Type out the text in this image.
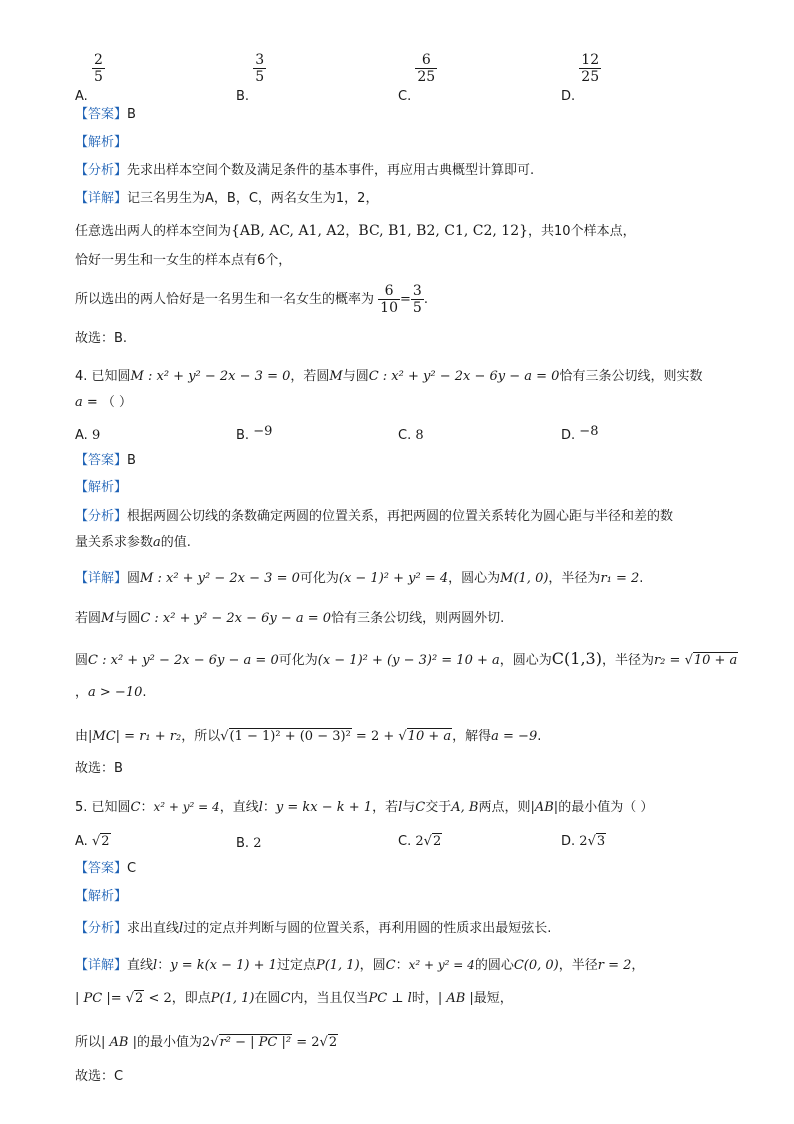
A.
$\frac{2}{5}$
B.
$\frac{3}{5}$
C.
$\frac{6}{25}$
D.
$\frac{12}{25}$
【答案】B
【解析】
【分析】先求出样本空间个数及满足条件的基本事件，再应用古典概型计算即可.
【详解】记三名男生为A，B，C，两名女生为1，2，
任意选出两人的样本空间为{AB, AC, A1, A2，BC, B1, B2, C1, C2, 12}，共10个样本点，
恰好一男生和一女生的样本点有6个，
所以选出的两人恰好是一名男生和一名女生的概率为 $\frac{6}{10} = \frac{3}{5}$ .
故选：B.
4. 已知圆M : x² + y² − 2x − 3 = 0，若圆M与圆C : x² + y² − 2x − 6y − a = 0恰有三条公切线，则实数
a = （ ）
A. 9	B. −9	C. 8	D. −8
【答案】B
【解析】
【分析】根据两圆公切线的条数确定两圆的位置关系，再把两圆的位置关系转化为圆心距与半径和差的数
量关系求参数a的值.
【详解】圆M : x² + y² − 2x − 3 = 0可化为(x − 1)² + y² = 4，圆心为M(1, 0)，半径为r₁ = 2.
若圆M与圆C : x² + y² − 2x − 6y − a = 0恰有三条公切线，则两圆外切.
圆C : x² + y² − 2x − 6y − a = 0可化为(x − 1)² + (y − 3)² = 10 + a，圆心为C(1,3)，半径为r₂ = √10 + a
，a > −10.
由|MC| = r₁ + r₂，所以√(1 − 1)² + (0 − 3)² = 2 + √10 + a，解得a = −9.
故选：B
5. 已知圆C：x² + y² = 4，直线l：y = kx − k + 1，若l与C交于A, B两点，则|AB|的最小值为（ ）
A. √2	B. 2	C. 2√2	D. 2√3
【答案】C
【解析】
【分析】求出直线l过的定点并判断与圆的位置关系，再利用圆的性质求出最短弦长.
【详解】直线l：y = k(x − 1) + 1过定点P(1, 1)，圆C：x² + y² = 4的圆心C(0, 0)，半径r = 2，
| PC |= √2 < 2，即点P(1, 1)在圆C内，当且仅当PC ⊥ l时，| AB |最短，
所以| AB |的最小值为2√r² − | PC |² = 2√2
故选：C
